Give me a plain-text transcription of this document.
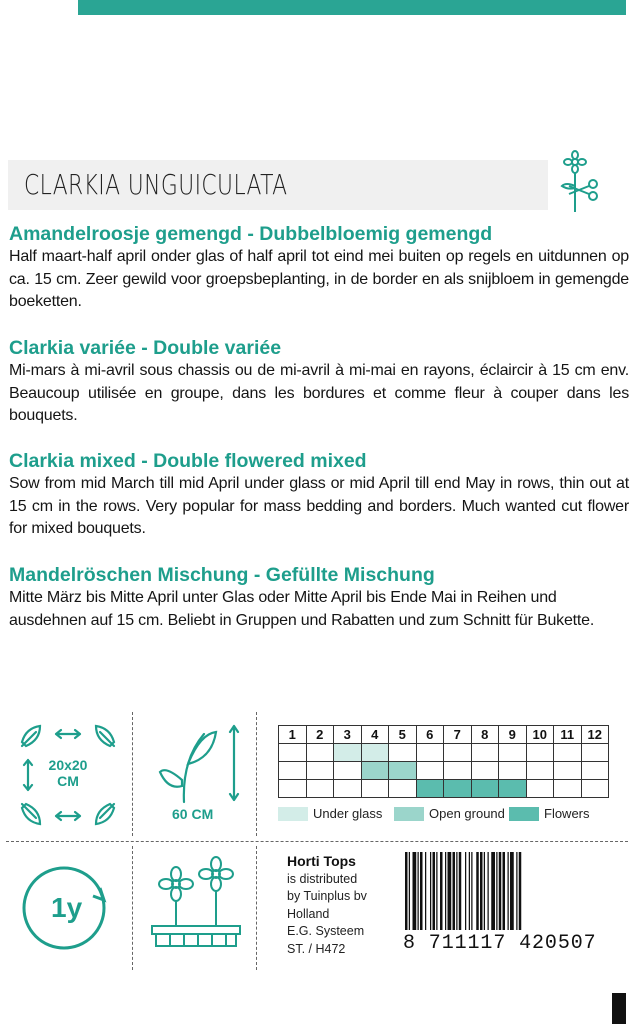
CLARKIA UNGUICULATA
Amandelroosje gemengd - Dubbelbloemig gemengd
Half maart-half april onder glas of half april tot eind mei buiten op regels en uitdunnen op ca. 15 cm. Zeer gewild voor groepsbeplanting, in de border en als snijbloem in gemengde boeketten.
Clarkia variée - Double variée
Mi-mars à mi-avril sous chassis ou de mi-avril à mi-mai en rayons, éclaircir à 15 cm env. Beaucoup utilisée en groupe, dans les bordures et comme fleur à couper dans les bouquets.
Clarkia mixed - Double flowered mixed
Sow from mid March till mid April under glass or mid April till end May in rows, thin out at 15 cm in the rows. Very popular for mass bedding and borders. Much wanted cut flower for mixed bouquets.
Mandelröschen Mischung - Gefüllte Mischung
Mitte März bis Mitte April unter Glas oder Mitte April bis Ende Mai in Reihen und ausdehnen auf 15 cm. Beliebt in Gruppen und Rabatten und zum Schnitt für Bukette.
20x20
CM
60 CM
1y
1	2	3	4	5	6	7	8	9	10	11	12

Under glass	Open ground	Flowers
Horti Tops
is distributed
by Tuinplus bv
Holland
E.G. Systeem
ST. / H472	8 711117 420507
